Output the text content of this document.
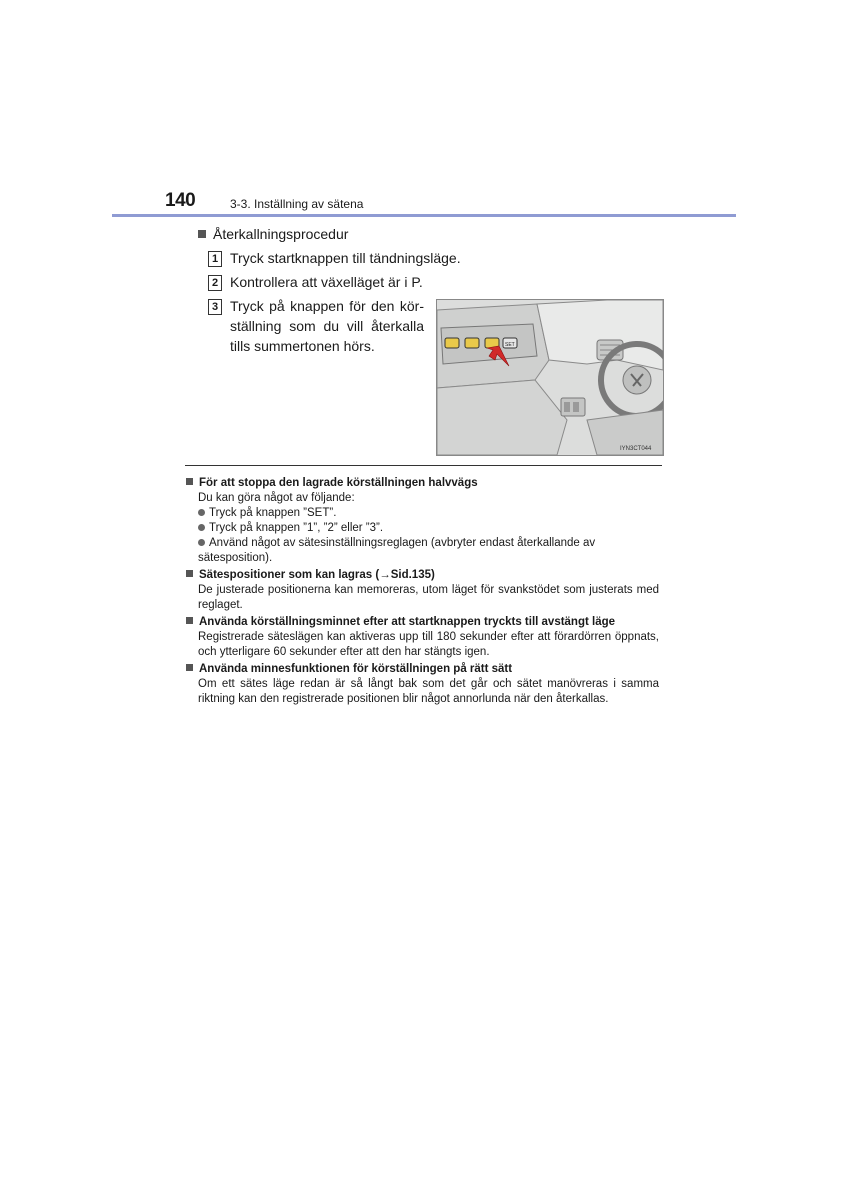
140	3-3. Inställning av sätena
Återkallningsprocedur
1 Tryck startknappen till tändningsläge.
2 Kontrollera att växelläget är i P.
3 Tryck på knappen för den kör-ställning som du vill återkalla tills summertonen hörs.	SET
IYN3CT044
För att stoppa den lagrade körställningen halvvägs
Du kan göra något av följande:
Tryck på knappen ”SET”.
Tryck på knappen ”1”, ”2” eller ”3”.
Använd något av sätesinställningsreglagen (avbryter endast återkallande av sätesposition).
Sätespositioner som kan lagras (→Sid.135)
De justerade positionerna kan memoreras, utom läget för svankstödet som justerats med reglaget.
Använda körställningsminnet efter att startknappen tryckts till avstängt läge
Registrerade säteslägen kan aktiveras upp till 180 sekunder efter att förardörren öppnats, och ytterligare 60 sekunder efter att den har stängts igen.
Använda minnesfunktionen för körställningen på rätt sätt
Om ett sätes läge redan är så långt bak som det går och sätet manövreras i samma riktning kan den registrerade positionen blir något annorlunda när den återkallas.
